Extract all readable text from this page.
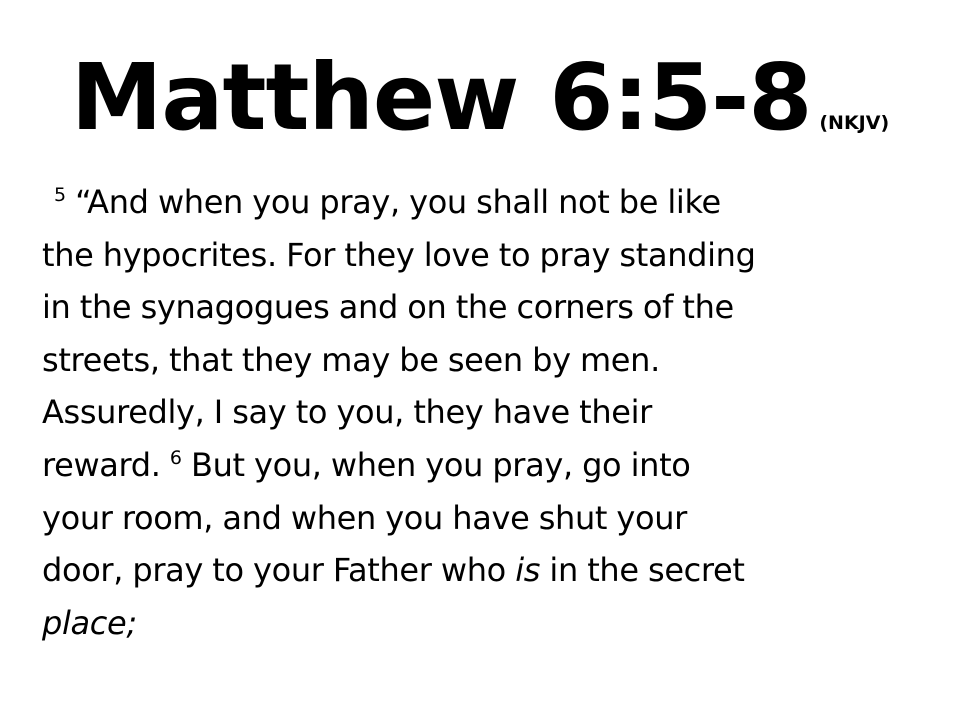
Matthew 6:5-8 (NKJV)
$^5$ “And when you pray, you shall not be like
the hypocrites. For they love to pray standing
in the synagogues and on the corners of the
streets, that they may be seen by men.
Assuredly, I say to you, they have their
reward. $^6$ But you, when you pray, go into
your room, and when you have shut your
door, pray to your Father who is in the secret
place;
